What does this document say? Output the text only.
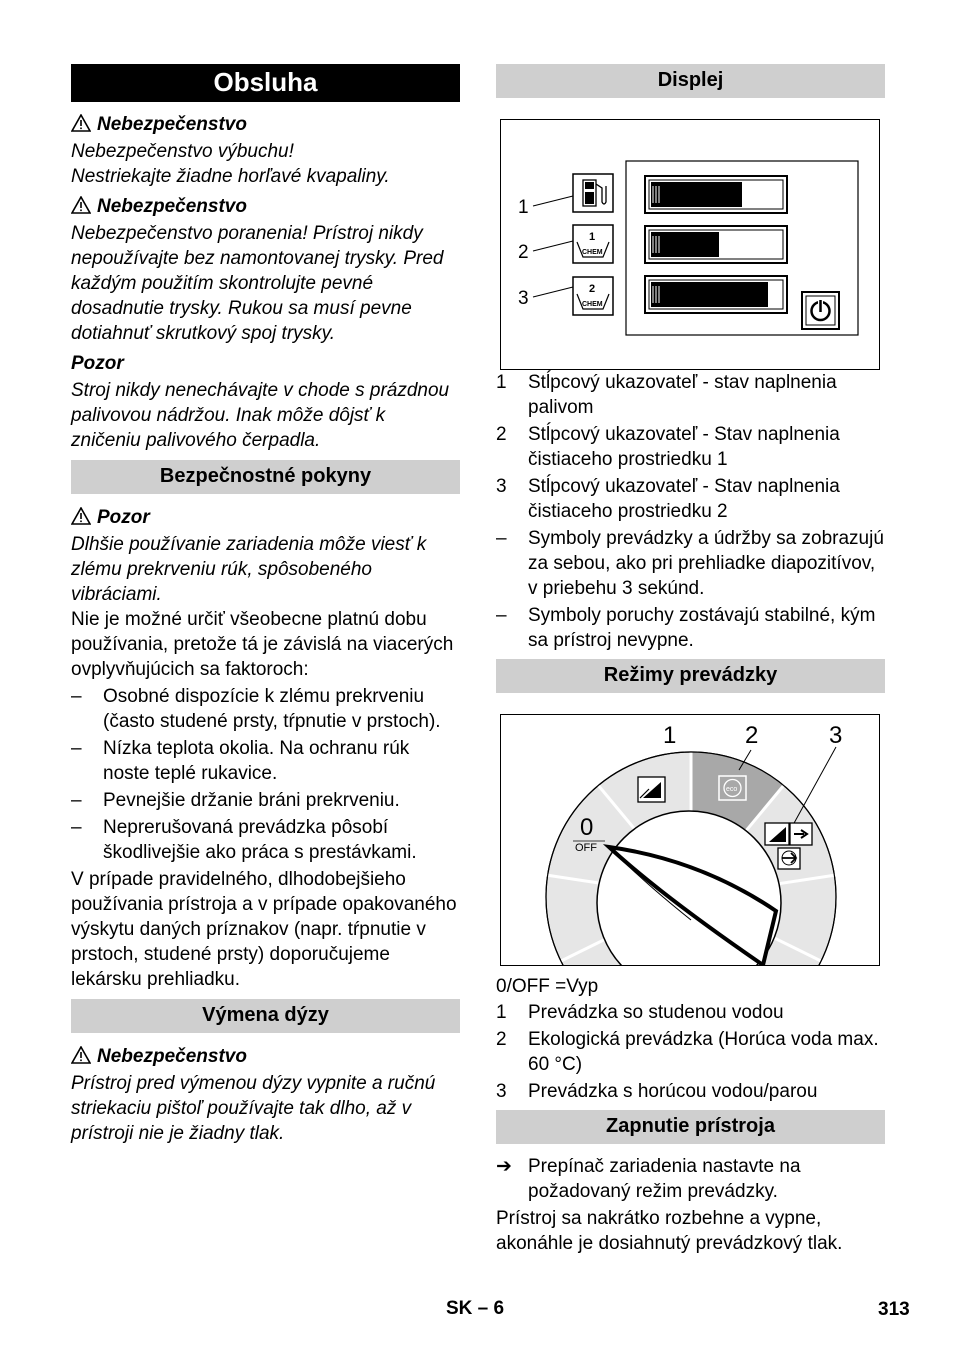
Obsluha
Nebezpečenstvo

Nebezpečenstvo výbuchu!

Nestriekajte žiadne horľavé kvapaliny.

Nebezpečenstvo

Nebezpečenstvo poranenia! Prístroj nikdy nepoužívajte bez namontovanej trysky. Pred každým použitím skontrolujte pevné dosadnutie trysky. Rukou sa musí pevne dotiahnuť skrutkový spoj trysky.

Pozor

Stroj nikdy nenechávajte v chode s prázdnou palivovou nádržou. Inak môže dôjsť k zničeniu palivového čerpadla.

Bezpečnostné pokyny
Pozor

Dlhšie používanie zariadenia môže viesť k zlému prekrveniu rúk, spôsobeného vibráciami.

Nie je možné určiť všeobecne platnú dobu používania, pretože tá je závislá na viacerých ovplyvňujúcich sa faktoroch:

–	Osobné dispozície k zlému prekrveniu (často studené prsty, tŕpnutie v prstoch).
–	Nízka teplota okolia. Na ochranu rúk noste teplé rukavice.
–	Pevnejšie držanie bráni prekrveniu.
–	Neprerušovaná prevádzka pôsobí škodlivejšie ako práca s prestávkami.

V prípade pravidelného, dlhodobejšieho používania prístroja a v prípade opakovaného výskytu daných príznakov (napr. tŕpnutie v prstoch, studené prsty) doporučujeme lekársku prehliadku.

Výmena dýzy
Nebezpečenstvo

Prístroj pred výmenou dýzy vypnite a ručnú striekaciu pištoľ používajte tak dlho, až v prístroji nie je žiadny tlak.

Displej
1
2
3
1
CHEM
2
CHEM
1	Stĺpcový ukazovateľ - stav naplnenia palivom
2	Stĺpcový ukazovateľ - Stav naplnenia čistiaceho prostriedku 1
3	Stĺpcový ukazovateľ - Stav naplnenia čistiaceho prostriedku 2
–	Symboly prevádzky a údržby sa zobrazujú za sebou, ako pri prehliadke diapozitívov, v priebehu 3 sekúnd.
–	Symboly poruchy zostávajú stabilné, kým sa prístroj nevypne.
Režimy prevádzky
1	2	3
0
OFF
eco
0/OFF =Vyp
1	Prevádzka so studenou vodou
2	Ekologická prevádzka (Horúca voda max. 60 °C)
3	Prevádzka s horúcou vodou/parou
Zapnutie prístroja
➔ Prepínač zariadenia nastavte na požadovaný režim prevádzky.

Prístroj sa nakrátko rozbehne a vypne, akonáhle je dosiahnutý prevádzkový tlak.

SK – 6	313
